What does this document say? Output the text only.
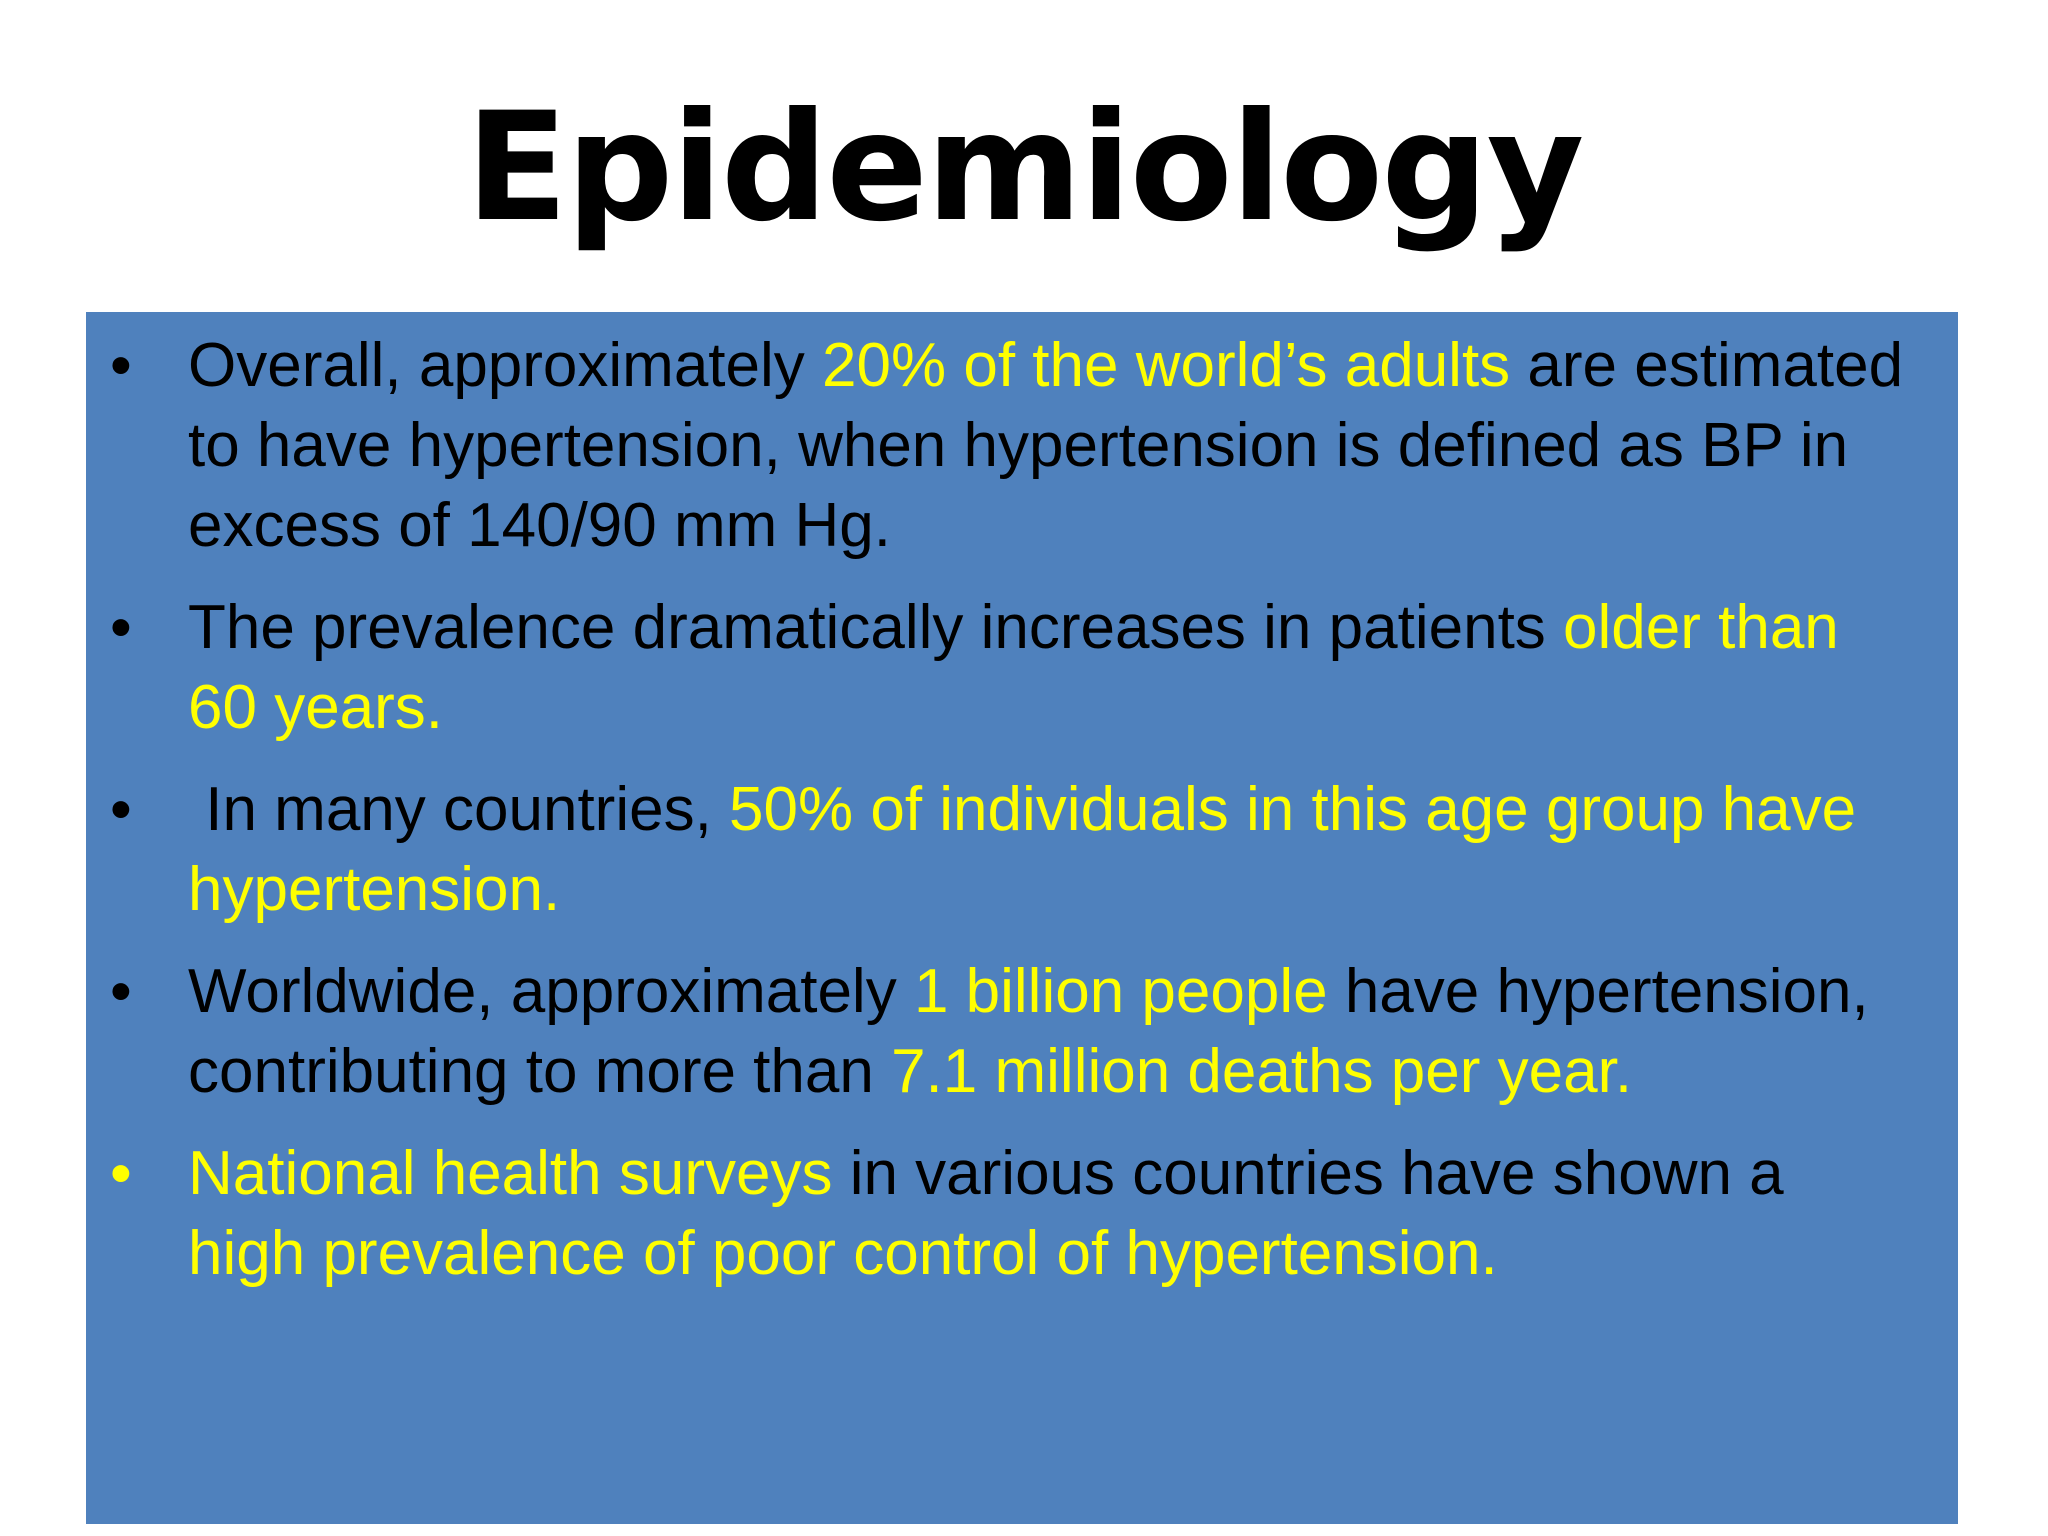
Epidemiology
• Overall, approximately 20% of the world’s adults are estimated to have hypertension, when hypertension is defined as BP in excess of 140/90 mm Hg.
• The prevalence dramatically increases in patients older than 60 years.
• In many countries, 50% of individuals in this age group have hypertension.
• Worldwide, approximately 1 billion people have hypertension, contributing to more than 7.1 million deaths per year.
• National health surveys in various countries have shown a high prevalence of poor control of hypertension.
